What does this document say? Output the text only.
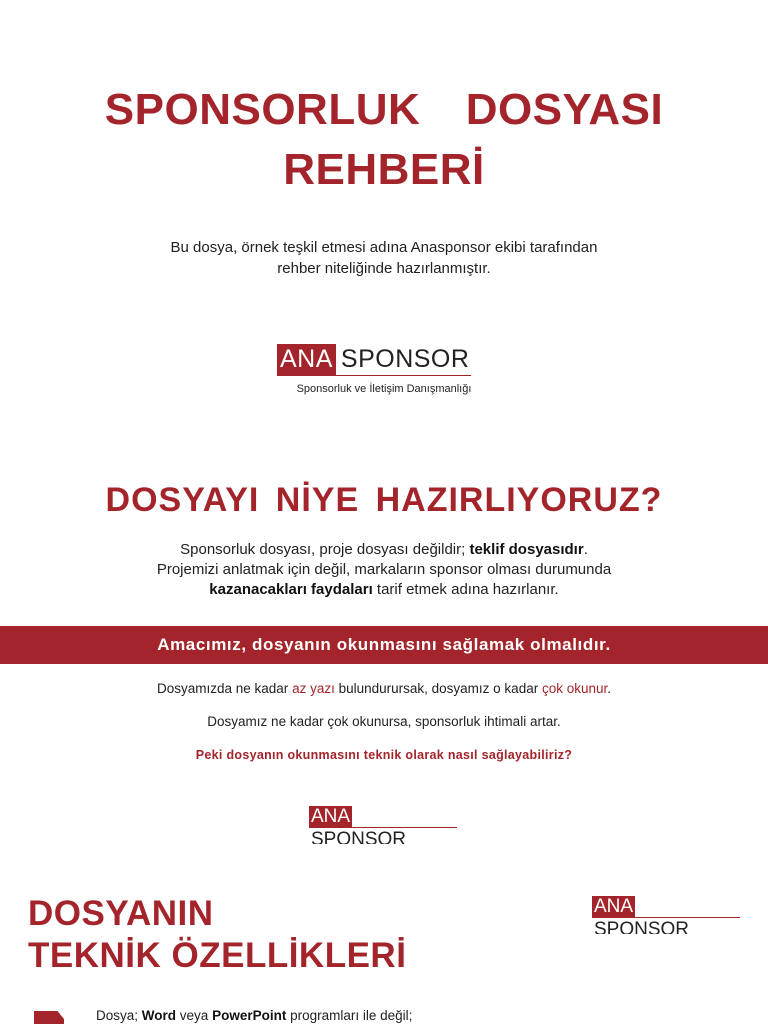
SPONSORLUK  DOSYASI
REHBERİ
Bu dosya, örnek teşkil etmesi adına Anasponsor ekibi tarafından
rehber niteliğinde hazırlanmıştır.
ANA SPONSOR
Sponsorluk ve İletişim Danışmanlığı
DOSYAYI NİYE HAZIRLIYORUZ?
Sponsorluk dosyası, proje dosyası değildir; teklif dosyasıdır.
Projemizi anlatmak için değil, markaların sponsor olması durumunda
kazanacakları faydaları tarif etmek adına hazırlanır.
Amacımız, dosyanın okunmasını sağlamak olmalıdır.
Dosyamızda ne kadar az yazı bulundurursak, dosyamız o kadar çok okunur.
Dosyamız ne kadar çok okunursa, sponsorluk ihtimali artar.
Peki dosyanın okunmasını teknik olarak nasıl sağlayabiliriz?
ANA
SPONSOR
DOSYANIN
TEKNİK ÖZELLİKLERİ
ANA
SPONSOR
Dosya; Word veya PowerPoint programları ile değil;
